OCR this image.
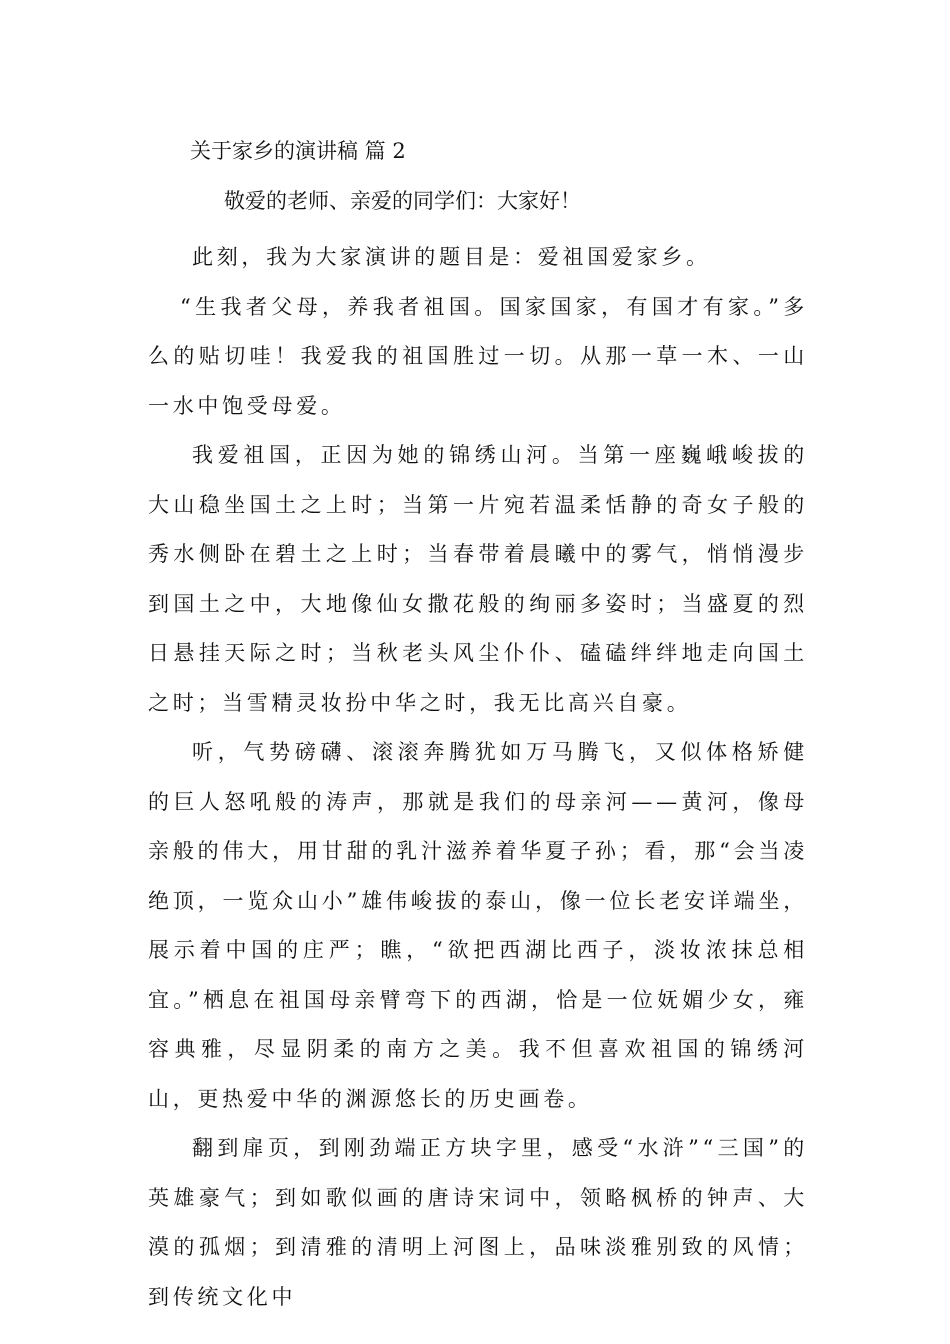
关于家乡的演讲稿 篇 2

敬爱的老师、亲爱的同学们：大家好！

此刻，我为大家演讲的题目是：爱祖国爱家乡。

“生我者父母，养我者祖国。国家国家，有国才有家。”多么的贴切哇！我爱我的祖国胜过一切。从那一草一木、一山一水中饱受母爱。

我爱祖国，正因为她的锦绣山河。当第一座巍峨峻拔的大山稳坐国土之上时；当第一片宛若温柔恬静的奇女子般的秀水侧卧在碧土之上时；当春带着晨曦中的雾气，悄悄漫步到国土之中，大地像仙女撒花般的绚丽多姿时；当盛夏的烈日悬挂天际之时；当秋老头风尘仆仆、磕磕绊绊地走向国土之时；当雪精灵妆扮中华之时，我无比高兴自豪。

听，气势磅礴、滚滚奔腾犹如万马腾飞，又似体格矫健的巨人怒吼般的涛声，那就是我们的母亲河——黄河，像母亲般的伟大，用甘甜的乳汁滋养着华夏子孙；看，那“会当凌绝顶，一览众山小”雄伟峻拔的泰山，像一位长老安详端坐，展示着中国的庄严；瞧，“欲把西湖比西子，淡妆浓抹总相宜。”栖息在祖国母亲臂弯下的西湖，恰是一位妩媚少女，雍容典雅，尽显阴柔的南方之美。我不但喜欢祖国的锦绣河山，更热爱中华的渊源悠长的历史画卷。

翻到扉页，到刚劲端正方块字里，感受“水浒”“三国”的英雄豪气；到如歌似画的唐诗宋词中，领略枫桥的钟声、大漠的孤烟；到清雅的清明上河图上，品味淡雅别致的风情；到传统文化中
